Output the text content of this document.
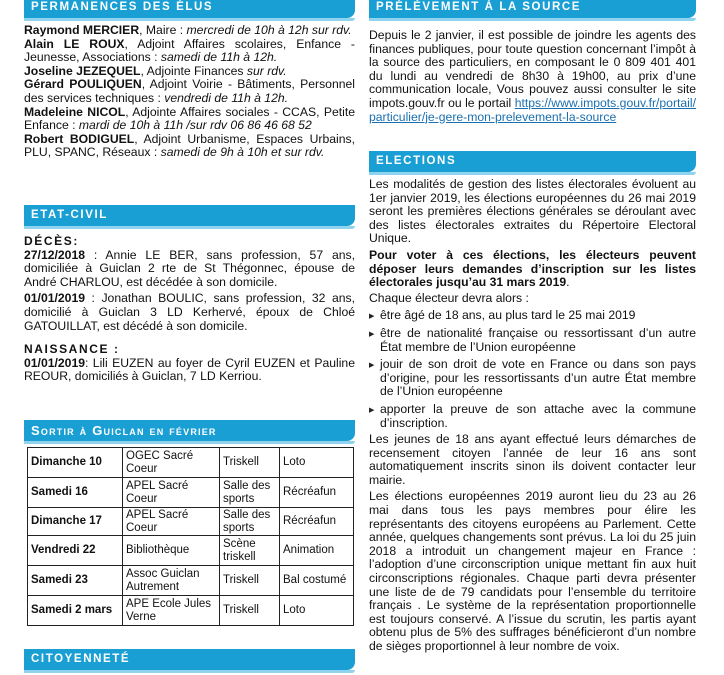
PERMANENCES DES ÉLUS

Raymond MERCIER, Maire : mercredi de 10h à 12h sur rdv.

Alain LE ROUX, Adjoint Affaires scolaires, Enfance - Jeunesse, Associations : samedi de 11h à 12h.

Joseline JEZEQUEL, Adjointe Finances sur rdv.

Gérard POULIQUEN, Adjoint Voirie - Bâtiments, Personnel des services techniques : vendredi de 11h à 12h.

Madeleine NICOL, Adjointe Affaires sociales - CCAS, Petite Enfance : mardi de 10h à 11h /sur rdv 06 86 46 68 52

Robert BODIGUEL, Adjoint Urbanisme, Espaces Urbains, PLU, SPANC, Réseaux : samedi de 9h à 10h et sur rdv.

ETAT-CIVIL
DÉCÈS:

27/12/2018 : Annie LE BER, sans profession, 57 ans, domiciliée à Guiclan 2 rte de St Thégonnec, épouse de André CHARLOU, est décédée à son domicile.

01/01/2019 : Jonathan BOULIC, sans profession, 32 ans, domicilié à Guiclan 3 LD Kerhervé, époux de Chloé GATOUILLAT, est décédé à son domicile.

NAISSANCE :

01/01/2019: Lili EUZEN au foyer de Cyril EUZEN et Pauline REOUR, domiciliés à Guiclan, 7 LD Kerriou.

Sortir à Guiclan en février
Dimanche 10	OGEC Sacré Coeur	Triskell	Loto
Samedi 16	APEL Sacré Coeur	Salle des sports	Récréafun
Dimanche 17	APEL Sacré Coeur	Salle des sports	Récréafun
Vendredi 22	Bibliothèque	Scène triskell	Animation
Samedi 23	Assoc Guiclan Autrement	Triskell	Bal costumé
Samedi 2 mars	APE Ecole Jules Verne	Triskell	Loto
CITOYENNETÉ
PRÉLÈVEMENT À LA SOURCE

Depuis le 2 janvier, il est possible de joindre les agents des finances publiques, pour toute question concernant l’impôt à la source des particuliers, en composant le 0 809 401 401 du lundi au vendredi de 8h30 à 19h00, au prix d’une communication locale, Vous pouvez aussi consulter le site impots.gouv.fr ou le portail https://www.impots.gouv.fr/portail/particulier/je-gere-mon-prelevement-la-source

ELECTIONS

Les modalités de gestion des listes électorales évoluent au 1er janvier 2019, les élections européennes du 26 mai 2019 seront les premières élections générales se déroulant avec des listes électorales extraites du Répertoire Electoral Unique.

Pour voter à ces élections, les électeurs peuvent déposer leurs demandes d’inscription sur les listes électorales jusqu’au 31 mars 2019.

Chaque électeur devra alors :

▶ être âgé de 18 ans, au plus tard le 25 mai 2019
▶ être de nationalité française ou ressortissant d’un autre État membre de l’Union européenne
▶ jouir de son droit de vote en France ou dans son pays d’origine, pour les ressortissants d’un autre État membre de l’Union européenne
▶ apporter la preuve de son attache avec la commune d’inscription.

Les jeunes de 18 ans ayant effectué leurs démarches de recensement citoyen l’année de leur 16 ans sont automatiquement inscrits sinon ils doivent contacter leur mairie.

Les élections européennes 2019 auront lieu du 23 au 26 mai dans tous les pays membres pour élire les représentants des citoyens européens au Parlement. Cette année, quelques changements sont prévus. La loi du 25 juin 2018 a introduit un changement majeur en France : l’adoption d’une circonscription unique mettant fin aux huit circonscriptions régionales. Chaque parti devra présenter une liste de de 79 candidats pour l’ensemble du territoire français . Le système de la représentation proportionnelle est toujours conservé. A l’issue du scrutin, les partis ayant obtenu plus de 5% des suffrages bénéficieront d’un nombre de sièges proportionnel à leur nombre de voix.
